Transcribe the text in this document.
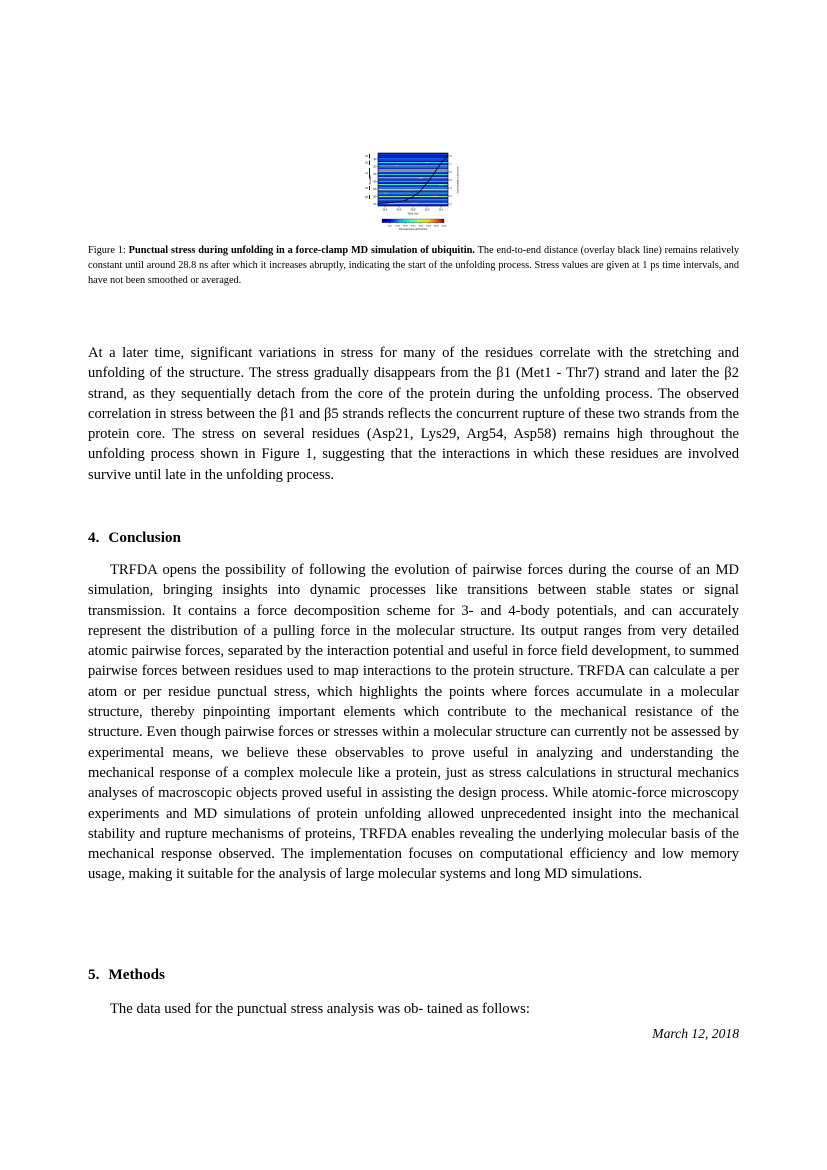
10
20
30
40
50
60
70
Residue
β1
β2
α1
β3
β5
8
7
6
5
4
3
2
End-to-end distance (nm)
28.4	28.6	28.8	29.0	29.2
Time (ns)
500	1000	1500	2000	2500	3000	3500	4000
Punctual stress (kJ/mol/nm)
Figure 1: Punctual stress during unfolding in a force-clamp MD simulation of ubiquitin. The end-to-end distance (overlay black line) remains relatively constant until around 28.8 ns after which it increases abruptly, indicating the start of the unfolding process. Stress values are given at 1 ps time intervals, and have not been smoothed or averaged.
At a later time, significant variations in stress for many of the residues correlate with the stretching and unfolding of the structure. The stress gradually disappears from the β1 (Met1 - Thr7) strand and later the β2 strand, as they sequentially detach from the core of the protein during the unfolding process. The observed correlation in stress between the β1 and β5 strands reflects the concurrent rupture of these two strands from the protein core. The stress on several residues (Asp21, Lys29, Arg54, Asp58) remains high throughout the unfolding process shown in Figure 1, suggesting that the interactions in which these residues are involved survive until late in the unfolding process.
4. Conclusion
TRFDA opens the possibility of following the evolution of pairwise forces during the course of an MD simulation, bringing insights into dynamic processes like transitions between stable states or signal transmission. It contains a force decomposition scheme for 3- and 4-body potentials, and can accurately represent the distribution of a pulling force in the molecular structure. Its output ranges from very detailed atomic pairwise forces, separated by the interaction potential and useful in force field development, to summed pairwise forces between residues used to map interactions to the protein structure. TRFDA can calculate a per atom or per residue punctual stress, which highlights the points where forces accumulate in a molecular structure, thereby pinpointing important elements which contribute to the mechanical resistance of the structure. Even though pairwise forces or stresses within a molecular structure can currently not be assessed by experimental means, we believe these observables to prove useful in analyzing and understanding the mechanical response of a complex molecule like a protein, just as stress calculations in structural mechanics analyses of macroscopic objects proved useful in assisting the design process. While atomic-force microscopy experiments and MD simulations of protein unfolding allowed unprecedented insight into the mechanical stability and rupture mechanisms of proteins, TRFDA enables revealing the underlying molecular basis of the mechanical response observed. The implementation focuses on computational efficiency and low memory usage, making it suitable for the analysis of large molecular systems and long MD simulations.
5. Methods
The data used for the punctual stress analysis was ob- tained as follows:
March 12, 2018
